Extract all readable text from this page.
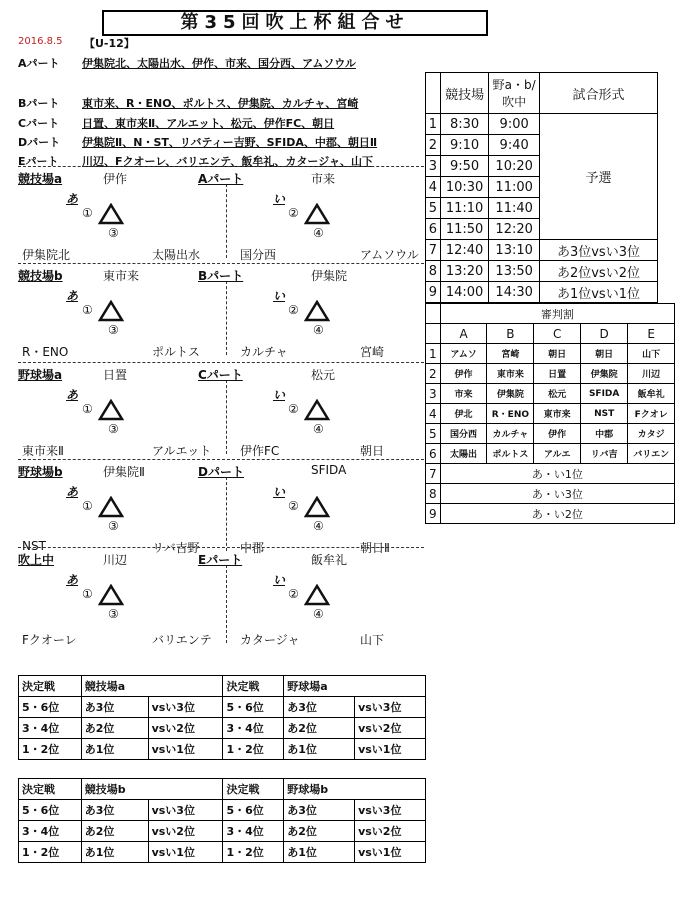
第35回吹上杯組合せ
2016.8.5 【U-12】
Aパート 伊集院北、太陽出水、伊作、市来、国分西、アムソウル
Bパート 東市来、R・ENO、ポルトス、伊集院、カルチャ、宮崎
Cパート 日置、東市来Ⅱ、アルエット、松元、伊作FC、朝日
Dパート 伊集院Ⅱ、N・ST、リバティー吉野、SFIDA、中郡、朝日Ⅱ
Eパート 川辺、Fクオーレ、バリエンテ、飯牟礼、カタージャ、山下
競技場a	Aパート
伊作	市来
あ	い
①	②
③	④
伊集院北	太陽出水	国分西	アムソウル
競技場b	Bパート
東市来	伊集院
あ	い
①	②
③	④
R・ENO	ポルトス	カルチャ	宮崎
野球場a	Cパート
日置	松元
あ	い
①	②
③	④
東市来Ⅱ	アルエット 伊作FC	朝日
野球場b	Dパート
伊集院Ⅱ	SFIDA
あ	い
①	②
③	④
NST	リバ吉野	中郡	朝日Ⅱ
吹上中	Eパート
川辺	飯牟礼
あ	い
①	②
③	④
Fクオーレ	バリエンテ カタージャ	山下
	競技場	野a・b/吹中	試合形式
1	8:30	9:00	予選
2	9:10	9:40	
3	9:50	10:20	
4	10:30	11:00	
5	11:10	11:40	
6	11:50	12:20	
7	12:40	13:10	あ3位vsい3位
8	13:20	13:50	あ2位vsい2位
9	14:00	14:30	あ1位vsい1位
	審判割				
	A	B	C	D	E
1	アムソ	宮崎	朝日	朝日	山下
2	伊作	東市来	日置	伊集院	川辺
3	市来	伊集院	松元	SFIDA	飯牟礼
4	伊北	R・ENO	東市来	NST	Fクオレ
5	国分西	カルチャ	伊作	中郡	カタジ
6	太陽出	ポルトス	アルエ	リバ吉	バリエン
7	あ・い1位				
8	あ・い3位				
9	あ・い2位				
決定戦	競技場a		決定戦	野球場a	
5・6位	あ3位	vsい3位	5・6位	あ3位	vsい3位
3・4位	あ2位	vsい2位	3・4位	あ2位	vsい2位
1・2位	あ1位	vsい1位	1・2位	あ1位	vsい1位
決定戦	競技場b		決定戦	野球場b	
5・6位	あ3位	vsい3位	5・6位	あ3位	vsい3位
3・4位	あ2位	vsい2位	3・4位	あ2位	vsい2位
1・2位	あ1位	vsい1位	1・2位	あ1位	vsい1位
